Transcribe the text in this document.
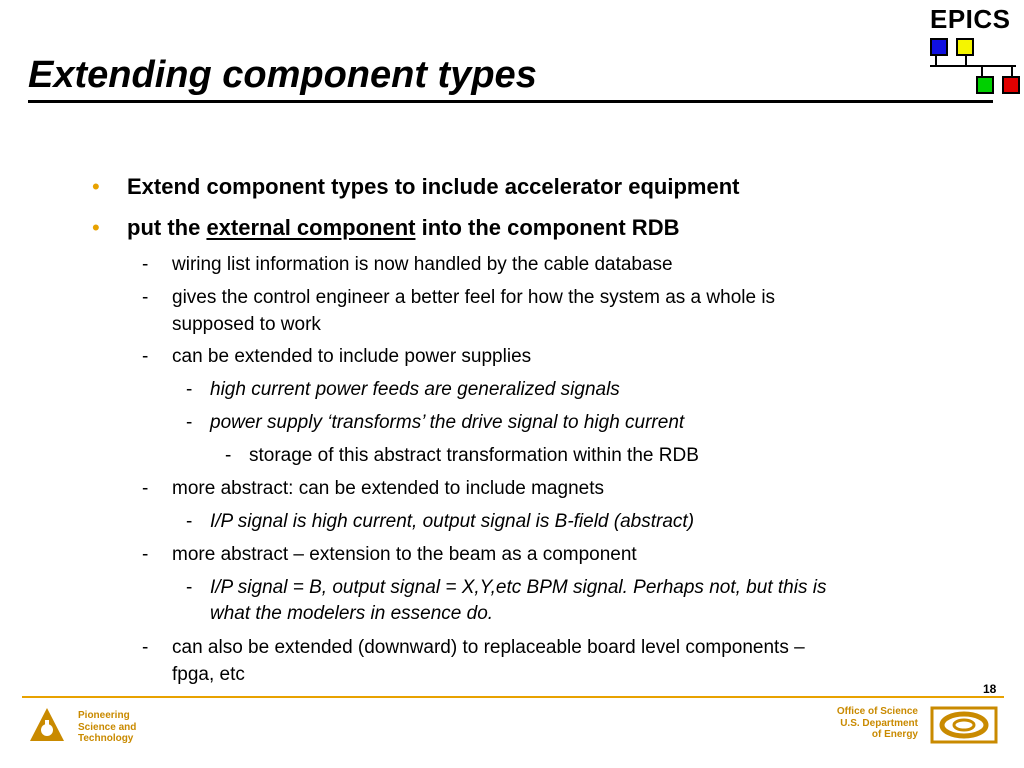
Extending component types
EPICS
• Extend component types to include accelerator equipment
• put the external component into the component RDB
- wiring list information is now handled by the cable database
- gives the control engineer a better feel for how the system as a whole is
supposed to work
- can be extended to include power supplies
- high current power feeds are generalized signals
- power supply ‘transforms’ the drive signal to high current
- storage of this abstract transformation within the RDB
- more abstract: can be extended to include magnets
- I/P signal is high current, output signal is B-field (abstract)
- more abstract – extension to the beam as a component
- I/P signal = B, output signal = X,Y,etc BPM signal. Perhaps not, but this is
what the modelers in essence do.
- can also be extended (downward) to replaceable board level components –
fpga, etc
18
Pioneering
Science and
Technology
Office of Science
U.S. Department
of Energy
